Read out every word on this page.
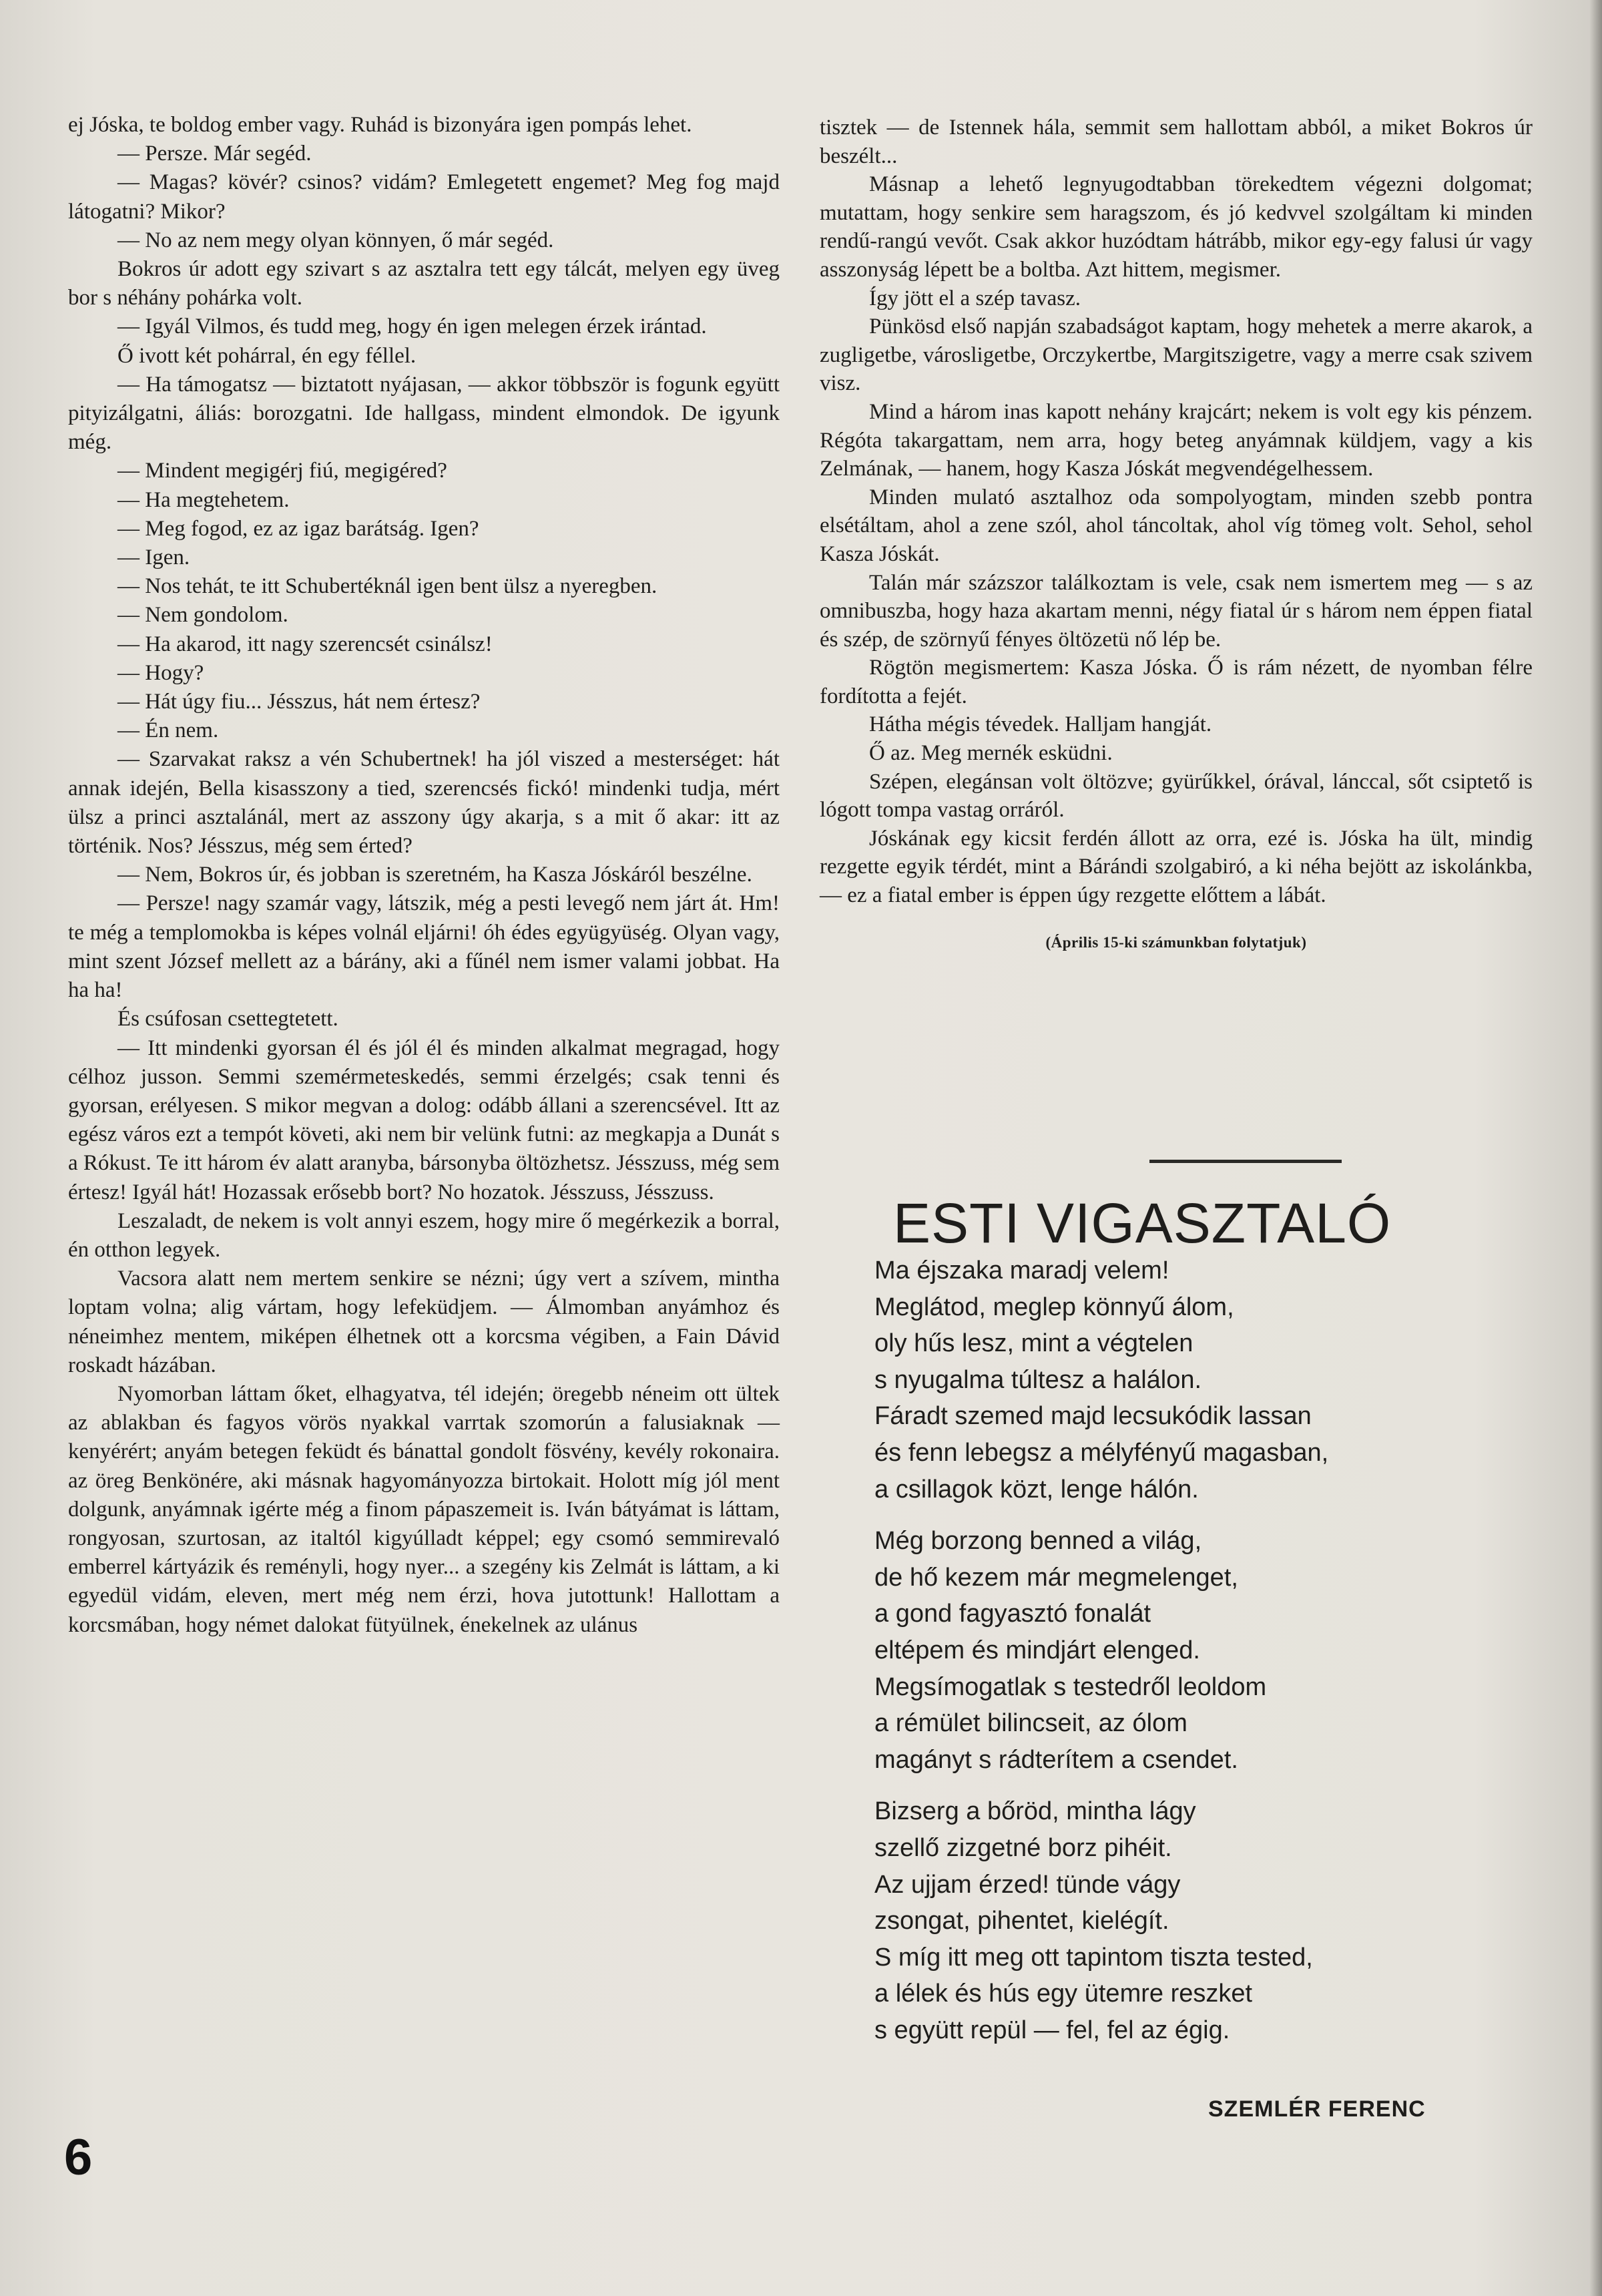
ej Jóska, te boldog ember vagy. Ruhád is bizonyára igen pompás lehet.

— Persze. Már segéd.

— Magas? kövér? csinos? vidám? Emlegetett engemet? Meg fog majd látogatni? Mikor?

— No az nem megy olyan könnyen, ő már segéd.

Bokros úr adott egy szivart s az asztalra tett egy tálcát, melyen egy üveg bor s néhány pohárka volt.

— Igyál Vilmos, és tudd meg, hogy én igen melegen érzek irántad.

Ő ivott két pohárral, én egy féllel.

— Ha támogatsz — biztatott nyájasan, — akkor többször is fogunk együtt pityizálgatni, áliás: borozgatni. Ide hallgass, mindent elmondok. De igyunk még.

— Mindent megigérj fiú, megigéred?

— Ha megtehetem.

— Meg fogod, ez az igaz barátság. Igen?

— Igen.

— Nos tehát, te itt Schubertéknál igen bent ülsz a nyeregben.

— Nem gondolom.

— Ha akarod, itt nagy szerencsét csinálsz!

— Hogy?

— Hát úgy fiu... Jésszus, hát nem értesz?

— Én nem.

— Szarvakat raksz a vén Schubertnek! ha jól viszed a mesterséget: hát annak idején, Bella kisasszony a tied, szerencsés fickó! mindenki tudja, mért ülsz a princi asztalánál, mert az asszony úgy akarja, s a mit ő akar: itt az történik. Nos? Jésszus, még sem érted?

— Nem, Bokros úr, és jobban is szeretném, ha Kasza Jóskáról beszélne.

— Persze! nagy szamár vagy, látszik, még a pesti levegő nem járt át. Hm! te még a templomokba is képes volnál eljárni! óh édes együgyüség. Olyan vagy, mint szent József mellett az a bárány, aki a fűnél nem ismer valami jobbat. Ha ha ha!

És csúfosan csettegtetett.

— Itt mindenki gyorsan él és jól él és minden alkalmat megragad, hogy célhoz jusson. Semmi szemérmeteskedés, semmi érzelgés; csak tenni és gyorsan, erélyesen. S mikor megvan a dolog: odább állani a szerencsével. Itt az egész város ezt a tempót követi, aki nem bir velünk futni: az megkapja a Dunát s a Rókust. Te itt három év alatt aranyba, bársonyba öltözhetsz. Jésszuss, még sem értesz! Igyál hát! Hozassak erősebb bort? No hozatok. Jésszuss, Jésszuss.

Leszaladt, de nekem is volt annyi eszem, hogy mire ő megérkezik a borral, én otthon legyek.

Vacsora alatt nem mertem senkire se nézni; úgy vert a szívem, mintha loptam volna; alig vártam, hogy lefeküdjem. — Álmomban anyámhoz és néneimhez mentem, miképen élhetnek ott a korcsma végiben, a Fain Dávid roskadt házában.

Nyomorban láttam őket, elhagyatva, tél idején; öregebb néneim ott ültek az ablakban és fagyos vörös nyakkal varrtak szomorún a falusiaknak — kenyérért; anyám betegen feküdt és bánattal gondolt fösvény, kevély rokonaira. az öreg Benkönére, aki másnak hagyományozza birtokait. Holott míg jól ment dolgunk, anyámnak igérte még a finom pápaszemeit is. Iván bátyámat is láttam, rongyosan, szurtosan, az italtól kigyúlladt képpel; egy csomó semmirevaló emberrel kártyázik és reményli, hogy nyer... a szegény kis Zelmát is láttam, a ki egyedül vidám, eleven, mert még nem érzi, hova jutottunk! Hallottam a korcsmában, hogy német dalokat fütyülnek, énekelnek az ulánus

tisztek — de Istennek hála, semmit sem hallottam abból, a miket Bokros úr beszélt...

Másnap a lehető legnyugodtabban törekedtem végezni dolgomat; mutattam, hogy senkire sem haragszom, és jó kedvvel szolgáltam ki minden rendű-rangú vevőt. Csak akkor huzódtam hátrább, mikor egy-egy falusi úr vagy asszonyság lépett be a boltba. Azt hittem, megismer.

Így jött el a szép tavasz.

Pünkösd első napján szabadságot kaptam, hogy mehetek a merre akarok, a zugligetbe, városligetbe, Orczykertbe, Margitszigetre, vagy a merre csak szivem visz.

Mind a három inas kapott nehány krajcárt; nekem is volt egy kis pénzem. Régóta takargattam, nem arra, hogy beteg anyámnak küldjem, vagy a kis Zelmának, — hanem, hogy Kasza Jóskát megvendégelhessem.

Minden mulató asztalhoz oda sompolyogtam, minden szebb pontra elsétáltam, ahol a zene szól, ahol táncoltak, ahol víg tömeg volt. Sehol, sehol Kasza Jóskát.

Talán már százszor találkoztam is vele, csak nem ismertem meg — s az omnibuszba, hogy haza akartam menni, négy fiatal úr s három nem éppen fiatal és szép, de szörnyű fényes öltözetü nő lép be.

Rögtön megismertem: Kasza Jóska. Ő is rám nézett, de nyomban félre fordította a fejét.

Hátha mégis tévedek. Halljam hangját.

Ő az. Meg mernék esküdni.

Szépen, elegánsan volt öltözve; gyürűkkel, órával, lánccal, sőt csiptető is lógott tompa vastag orráról.

Jóskának egy kicsit ferdén állott az orra, ezé is. Jóska ha ült, mindig rezgette egyik térdét, mint a Bárándi szolgabiró, a ki néha bejött az iskolánkba, — ez a fiatal ember is éppen úgy rezgette előttem a lábát.

(Április 15-ki számunkban folytatjuk)

ESTI VIGASZTALÓ
Ma éjszaka maradj velem!
Meglátod, meglep könnyű álom,
oly hűs lesz, mint a végtelen
s nyugalma túltesz a halálon.
Fáradt szemed majd lecsukódik lassan
és fenn lebegsz a mélyfényű magasban,
a csillagok közt, lenge hálón.
Még borzong benned a világ,
de hő kezem már megmelenget,
a gond fagyasztó fonalát
eltépem és mindjárt elenged.
Megsímogatlak s testedről leoldom
a rémület bilincseit, az ólom
magányt s rádterítem a csendet.
Bizserg a bőröd, mintha lágy
szellő zizgetné borz pihéit.
Az ujjam érzed! tünde vágy
zsongat, pihentet, kielégít.
S míg itt meg ott tapintom tiszta tested,
a lélek és hús egy ütemre reszket
s együtt repül — fel, fel az égig.
SZEMLÉR FERENC
6
